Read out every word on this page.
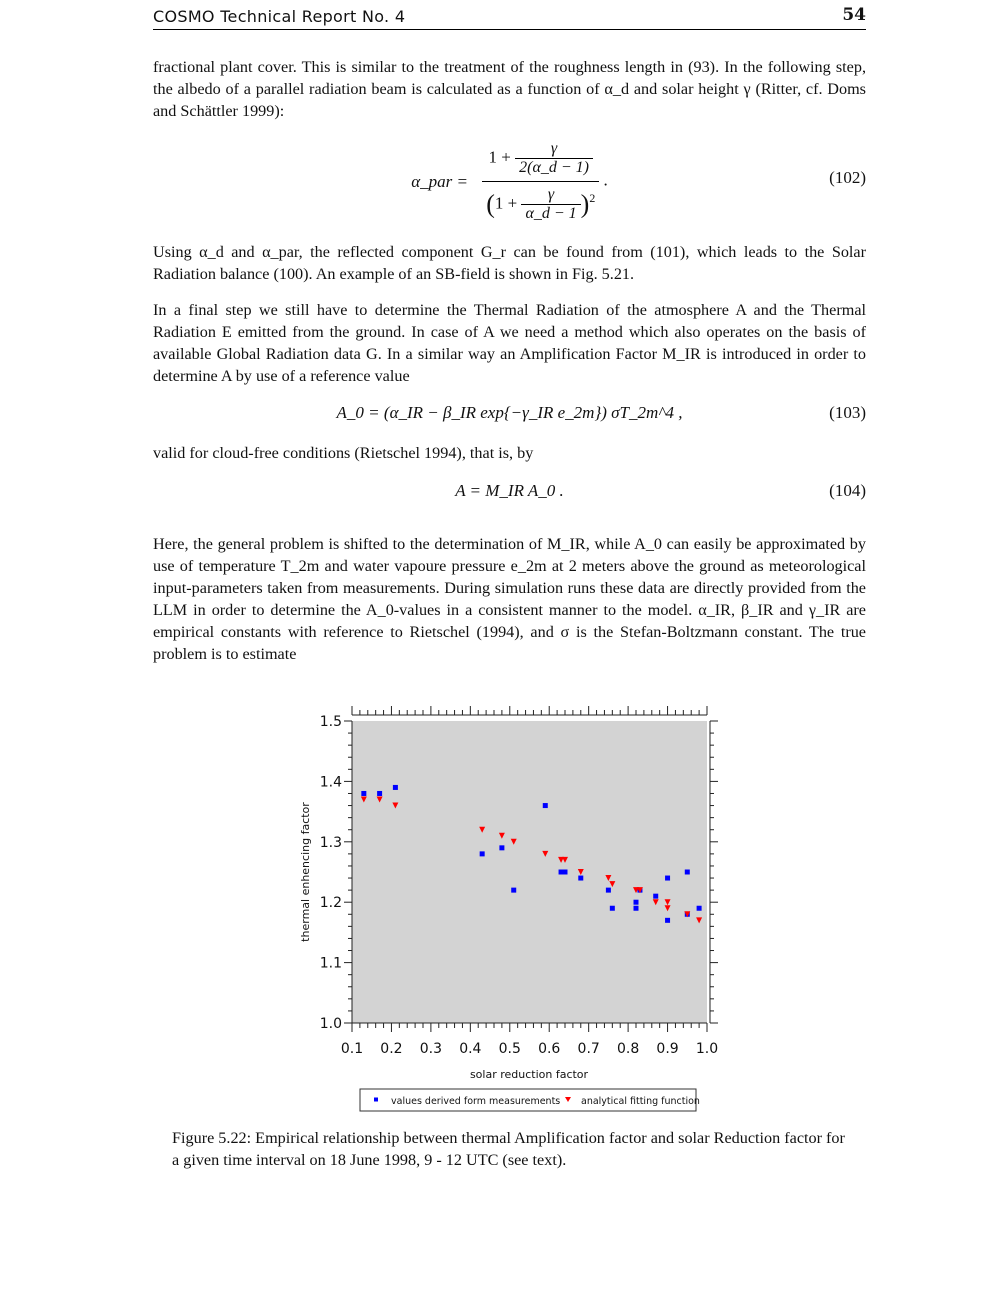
COSMO Technical Report No. 4	54
fractional plant cover. This is similar to the treatment of the roughness length in (93). In the following step, the albedo of a parallel radiation beam is calculated as a function of α_d and solar height γ (Ritter, cf. Doms and Schättler 1999):
α_par = $\frac{1 + \frac{\gamma}{2(\alpha\_d - 1)}}{(1 + \frac{\gamma}{\alpha\_d - 1} )^2}$ .	(102)
Using α_d and α_par, the reflected component G_r can be found from (101), which leads to the Solar Radiation balance (100). An example of an SB-field is shown in Fig. 5.21.
In a final step we still have to determine the Thermal Radiation of the atmosphere A and the Thermal Radiation E emitted from the ground. In case of A we need a method which also operates on the basis of available Global Radiation data G. In a similar way an Amplification Factor M_IR is introduced in order to determine A by use of a reference value
A_0 = (α_IR − β_IR exp{−γ_IR e_2m}) σT_2m^4 ,	(103)
valid for cloud-free conditions (Rietschel 1994), that is, by
A = M_IR A_0 .	(104)
Here, the general problem is shifted to the determination of M_IR, while A_0 can easily be approximated by use of temperature T_2m and water vapoure pressure e_2m at 2 meters above the ground as meteorological input-parameters taken from measurements. During simulation runs these data are directly provided from the LLM in order to determine the A_0-values in a consistent manner to the model. α_IR, β_IR and γ_IR are empirical constants with reference to Rietschel (1994), and σ is the Stefan-Boltzmann constant. The true problem is to estimate
0.1 0.2 0.3 0.4 0.5 0.6 0.7 0.8 0.9 1.0
1.0
1.1
1.2
1.3
1.4
1.5
solar reduction factor
thermal enhencing factor
values derived form measurements analytical fitting function
Figure 5.22: Empirical relationship between thermal Amplification factor and solar Reduction factor for a given time interval on 18 June 1998, 9 - 12 UTC (see text).
